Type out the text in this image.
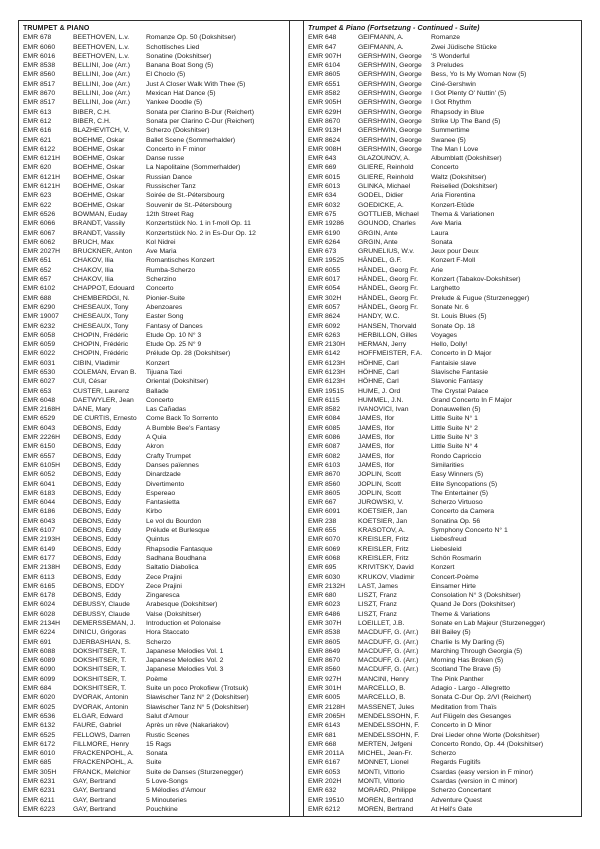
TRUMPET & PIANO
EMR 678	BEETHOVEN, L.v.	Romanze Op. 50 (Dokshitser)
EMR 6060	BEETHOVEN, L.v.	Schottisches Lied
EMR 6016	BEETHOVEN, L.v.	Sonatine (Dokshitser)
EMR 8538	BELLINI, Joe (Arr.)	Banana Boat Song (5)
EMR 8560	BELLINI, Joe (Arr.)	El Choclo (5)
EMR 8517	BELLINI, Joe (Arr.)	Just A Closer Walk With Thee (5)
EMR 8670	BELLINI, Joe (Arr.)	Mexican Hat Dance (5)
EMR 8517	BELLINI, Joe (Arr.)	Yankee Doodle (5)
EMR 613	BIBER, C.H.	Sonata per Clarino B-Dur (Reichert)
EMR 612	BIBER, C.H.	Sonata per Clarino C-Dur (Reichert)
EMR 616	BLAZHEVITCH, V.	Scherzo (Dokshitser)
EMR 621	BOEHME, Oskar	Ballet Scene (Sommerhalder)
EMR 6122	BOEHME, Oskar	Concerto in F minor
EMR 6121H	BOEHME, Oskar	Danse russe
EMR 620	BOEHME, Oskar	La Napolitaine (Sommerhalder)
EMR 6121H	BOEHME, Oskar	Russian Dance
EMR 6121H	BOEHME, Oskar	Russischer Tanz
EMR 623	BOEHME, Oskar	Soirée de St.-Pétersbourg
EMR 622	BOEHME, Oskar	Souvenir de St.-Pétersbourg
EMR 6526	BOWMAN, Euday	12th Street Rag
EMR 6066	BRANDT, Vassily	Konzertstück No. 1 in f-moll Op. 11
EMR 6067	BRANDT, Vassily	Konzertstück No. 2 in Es-Dur Op. 12
EMR 6062	BRUCH, Max	Kol Nidrei
EMR 2027H	BRUCKNER, Anton	Ave Maria
EMR 651	CHAKOV, Ilia	Romantisches Konzert
EMR 652	CHAKOV, Ilia	Rumba-Scherzo
EMR 657	CHAKOV, Ilia	Scherzino
EMR 6102	CHAPPOT, Edouard	Concerto
EMR 688	CHEMBERDGI, N.	Pionier-Suite
EMR 6290	CHESEAUX, Tony	Abenzoares
EMR 19007	CHESEAUX, Tony	Easter Song
EMR 6232	CHESEAUX, Tony	Fantasy of Dances
EMR 6058	CHOPIN, Frédéric	Etude Op. 10 N° 3
EMR 6059	CHOPIN, Frédéric	Etude Op. 25 N° 9
EMR 6022	CHOPIN, Frédéric	Prélude Op. 28 (Dokshitser)
EMR 6031	CIBIN, Vladimir	Konzert
EMR 6530	COLEMAN, Ervan B.	Tijuana Taxi
EMR 6027	CUI, César	Oriental (Dokshitser)
EMR 653	CUSTER, Laurenz	Ballade
EMR 6048	DAETWYLER, Jean	Concerto
EMR 2168H	DANE, Mary	Las Cañadas
EMR 6529	DE CURTIS, Ernesto	Come Back To Sorrento
EMR 6043	DEBONS, Eddy	A Bumble Bee's Fantasy
EMR 2226H	DEBONS, Eddy	A Quia
EMR 6150	DEBONS, Eddy	Akron
EMR 6557	DEBONS, Eddy	Crafty Trumpet
EMR 6105H	DEBONS, Eddy	Danses païennes
EMR 6052	DEBONS, Eddy	Dinardzade
EMR 6041	DEBONS, Eddy	Divertimento
EMR 6183	DEBONS, Eddy	Espereao
EMR 6044	DEBONS, Eddy	Fantasietta
EMR 6186	DEBONS, Eddy	Kirbo
EMR 6043	DEBONS, Eddy	Le vol du Bourdon
EMR 6107	DEBONS, Eddy	Prélude et Burlesque
EMR 2193H	DEBONS, Eddy	Quintus
EMR 6149	DEBONS, Eddy	Rhapsodie Fantasque
EMR 6177	DEBONS, Eddy	Sadhana Boudhana
EMR 2138H	DEBONS, Eddy	Saltatio Diabolica
EMR 6113	DEBONS, Eddy	Zece Prajini
EMR 6165	DEBONS, EDDY	Zece Prajini
EMR 6178	DEBONS, Eddy	Zingaresca
EMR 6024	DEBUSSY, Claude	Arabesque (Dokshitser)
EMR 6028	DEBUSSY, Claude	Valse (Dokshitser)
EMR 2134H	DEMERSSEMAN, J.	Introduction et Polonaise
EMR 6224	DINICU, Grigoras	Hora Staccato
EMR 691	DJERBASHIAN, S.	Scherzo
EMR 6088	DOKSHITSER, T.	Japanese Melodies Vol. 1
EMR 6089	DOKSHITSER, T.	Japanese Melodies Vol. 2
EMR 6090	DOKSHITSER, T.	Japanese Melodies Vol. 3
EMR 6099	DOKSHITSER, T.	Poème
EMR 684	DOKSHITSER, T.	Suite un poco Prokofiew (Trotsuk)
EMR 6020	DVORAK, Antonin	Slawischer Tanz N° 2 (Dokshitser)
EMR 6025	DVORAK, Antonin	Slawischer Tanz N° 5 (Dokshitser)
EMR 6536	ELGAR, Edward	Salut d'Amour
EMR 6132	FAURE, Gabriel	Après un rêve (Nakariakov)
EMR 6525	FELLOWS, Darren	Rustic Scenes
EMR 6172	FILLMORE, Henry	15 Rags
EMR 6010	FRACKENPOHL, A.	Sonata
EMR 685	FRACKENPOHL, A.	Suite
EMR 305H	FRANCK, Melchior	Suite de Danses (Sturzenegger)
EMR 6231	GAY, Bertrand	5 Love-Songs
EMR 6231	GAY, Bertrand	5 Mélodies d'Amour
EMR 6211	GAY, Bertrand	5 Minouteries
EMR 6223	GAY, Bertrand	Pouchkine
Trumpet & Piano (Fortsetzung - Continued - Suite)
EMR 648	GEIFMANN, A.	Romanze
EMR 647	GEIFMANN, A.	Zwei Jüdische Stücke
EMR 907H	GERSHWIN, George	'S Wonderful
EMR 6104	GERSHWIN, George	3 Preludes
EMR 8605	GERSHWIN, George	Bess, Yo Is My Woman Now (5)
EMR 6551	GERSHWIN, George	Ciné-Gershwin
EMR 8582	GERSHWIN, George	I Got Plenty O' Nuttin' (5)
EMR 905H	GERSHWIN, George	I Got Rhythm
EMR 629H	GERSHWIN, George	Rhapsody in Blue
EMR 8670	GERSHWIN, George	Strike Up The Band (5)
EMR 913H	GERSHWIN, George	Summertime
EMR 8624	GERSHWIN, George	Swanee (5)
EMR 908H	GERSHWIN, George	The Man I Love
EMR 643	GLAZOUNOV, A.	Albumblatt (Dokshitser)
EMR 669	GLIERE, Reinhold	Concerto
EMR 6015	GLIERE, Reinhold	Waltz (Dokshitser)
EMR 6013	GLINKA, Michael	Reiselied (Dokshitser)
EMR 634	GODEL, Didier	Aria Fiorentina
EMR 6032	GOEDICKE, A.	Konzert-Etüde
EMR 675	GOTTLIEB, Michael	Thema & Variationen
EMR 19286	GOUNOD, Charles	Ave Maria
EMR 6190	GRGIN, Ante	Laura
EMR 6264	GRGIN, Ante	Sonata
EMR 673	GRUNELIUS, W.v.	Jeux pour Deux
EMR 19525	HÄNDEL, G.F.	Konzert F-Moll
EMR 6055	HÄNDEL, Georg Fr.	Arie
EMR 6017	HÄNDEL, Georg Fr.	Konzert (Tabakov-Dokshitser)
EMR 6054	HÄNDEL, Georg Fr.	Larghetto
EMR 302H	HÄNDEL, Georg Fr.	Prelude & Fugue (Sturzenegger)
EMR 6057	HÄNDEL, Georg Fr.	Sonate Nr. 6
EMR 8624	HANDY, W.C.	St. Louis Blues (5)
EMR 6092	HANSEN, Thorvald	Sonate Op. 18
EMR 6263	HERBILLON, Gilles	Voyages
EMR 2130H	HERMAN, Jerry	Hello, Dolly!
EMR 6142	HOFFMEISTER, F.A.	Concerto in D Major
EMR 6123H	HÖHNE, Carl	Fantaisie slave
EMR 6123H	HÖHNE, Carl	Slavische Fantasie
EMR 6123H	HÖHNE, Carl	Slavonic Fantasy
EMR 19515	HUME, J. Ord	The Crystal Palace
EMR 6115	HUMMEL, J.N.	Grand Concerto In F Major
EMR 8582	IVANOVICI, Ivan	Donauwellen (5)
EMR 6084	JAMES, Ifor	Little Suite N° 1
EMR 6085	JAMES, Ifor	Little Suite N° 2
EMR 6086	JAMES, Ifor	Little Suite N° 3
EMR 6087	JAMES, Ifor	Little Suite N° 4
EMR 6082	JAMES, Ifor	Rondo Capriccio
EMR 6103	JAMES, Ifor	Similarities
EMR 8670	JOPLIN, Scott	Easy Winners (5)
EMR 8560	JOPLIN, Scott	Elite Syncopations (5)
EMR 8605	JOPLIN, Scott	The Entertainer (5)
EMR 667	JUROWSKI, V.	Scherzo Virtuoso
EMR 6091	KOETSIER, Jan	Concerto da Camera
EMR 238	KOETSIER, Jan	Sonatina Op. 56
EMR 655	KRASOTOV, A.	Symphony Concerto N° 1
EMR 6070	KREISLER, Fritz	Liebesfreud
EMR 6069	KREISLER, Fritz	Liebesleid
EMR 6068	KREISLER, Fritz	Schön Rosmarin
EMR 695	KRIVITSKY, David	Konzert
EMR 6030	KRUKOV, Vladimir	Concert-Poème
EMR 2132H	LAST, James	Einsamer Hirte
EMR 680	LISZT, Franz	Consolation N° 3 (Dokshitser)
EMR 6023	LISZT, Franz	Quand Je Dors (Dokshitser)
EMR 6486	LISZT, Franz	Theme & Variations
EMR 307H	LOEILLET, J.B.	Sonate en Lab Majeur (Sturzenegger)
EMR 8538	MACDUFF, G. (Arr.)	Bill Bailey (5)
EMR 8605	MACDUFF, G. (Arr.)	Charlie Is My Darling (5)
EMR 8649	MACDUFF, G. (Arr.)	Marching Through Georgia (5)
EMR 8670	MACDUFF, G. (Arr.)	Morning Has Broken (5)
EMR 8560	MACDUFF, G. (Arr.)	Scotland The Brave (5)
EMR 927H	MANCINI, Henry	The Pink Panther
EMR 301H	MARCELLO, B.	Adagio - Largo - Allegretto
EMR 6005	MARCELLO, B.	Sonata C-Dur Op. 2/VI (Reichert)
EMR 2128H	MASSENET, Jules	Meditation from Thaïs
EMR 2065H	MENDELSSOHN, F.	Auf Flügeln des Gesanges
EMR 6143	MENDELSSOHN, F.	Concerto in D Minor
EMR 681	MENDELSSOHN, F.	Drei Lieder ohne Worte (Dokshitser)
EMR 668	MERTEN, Jefgeni	Concerto Rondo, Op. 44 (Dokshitser)
EMR 2011A	MICHEL, Jean-Fr.	Scherzo
EMR 6167	MONNET, Lionel	Regards Fugitifs
EMR 6053	MONTI, Vittorio	Csardas (easy version in F minor)
EMR 202H	MONTI, Vittorio	Csardas (version in C minor)
EMR 632	MORARD, Philippe	Scherzo Concertant
EMR 19510	MOREN, Bertrand	Adventure Quest
EMR 6212	MOREN, Bertrand	At Hell's Gate
